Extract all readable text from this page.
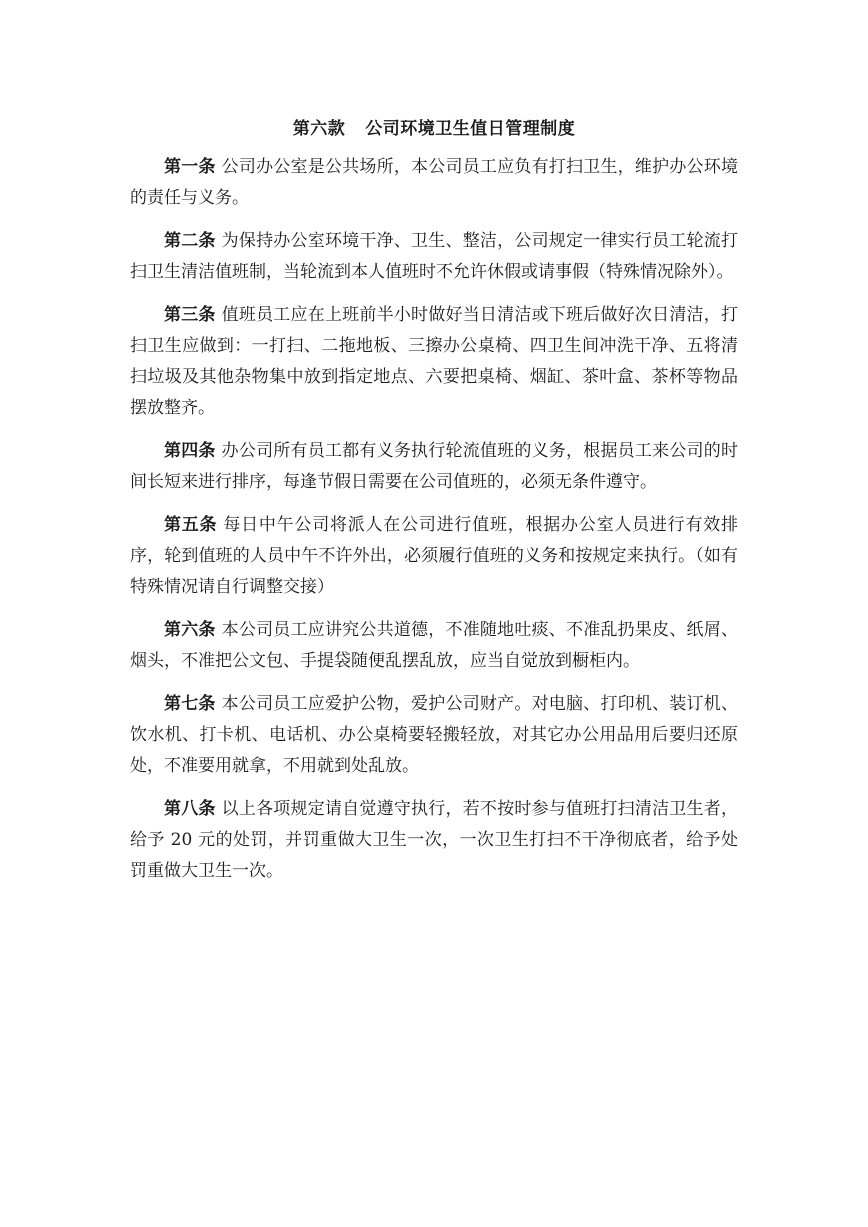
第六款 公司环境卫生值日管理制度

第一条 公司办公室是公共场所，本公司员工应负有打扫卫生，维护办公环境的责任与义务。

第二条 为保持办公室环境干净、卫生、整洁，公司规定一律实行员工轮流打扫卫生清洁值班制，当轮流到本人值班时不允许休假或请事假（特殊情况除外）。

第三条 值班员工应在上班前半小时做好当日清洁或下班后做好次日清洁，打扫卫生应做到：一打扫、二拖地板、三擦办公桌椅、四卫生间冲洗干净、五将清扫垃圾及其他杂物集中放到指定地点、六要把桌椅、烟缸、茶叶盒、茶杯等物品摆放整齐。

第四条 办公司所有员工都有义务执行轮流值班的义务，根据员工来公司的时间长短来进行排序，每逢节假日需要在公司值班的，必须无条件遵守。

第五条 每日中午公司将派人在公司进行值班，根据办公室人员进行有效排序，轮到值班的人员中午不许外出，必须履行值班的义务和按规定来执行。（如有特殊情况请自行调整交接）

第六条 本公司员工应讲究公共道德，不准随地吐痰、不准乱扔果皮、纸屑、烟头，不准把公文包、手提袋随便乱摆乱放，应当自觉放到橱柜内。

第七条 本公司员工应爱护公物，爱护公司财产。对电脑、打印机、装订机、饮水机、打卡机、电话机、办公桌椅要轻搬轻放，对其它办公用品用后要归还原处，不准要用就拿，不用就到处乱放。

第八条 以上各项规定请自觉遵守执行，若不按时参与值班打扫清洁卫生者，给予 20 元的处罚，并罚重做大卫生一次，一次卫生打扫不干净彻底者，给予处罚重做大卫生一次。
